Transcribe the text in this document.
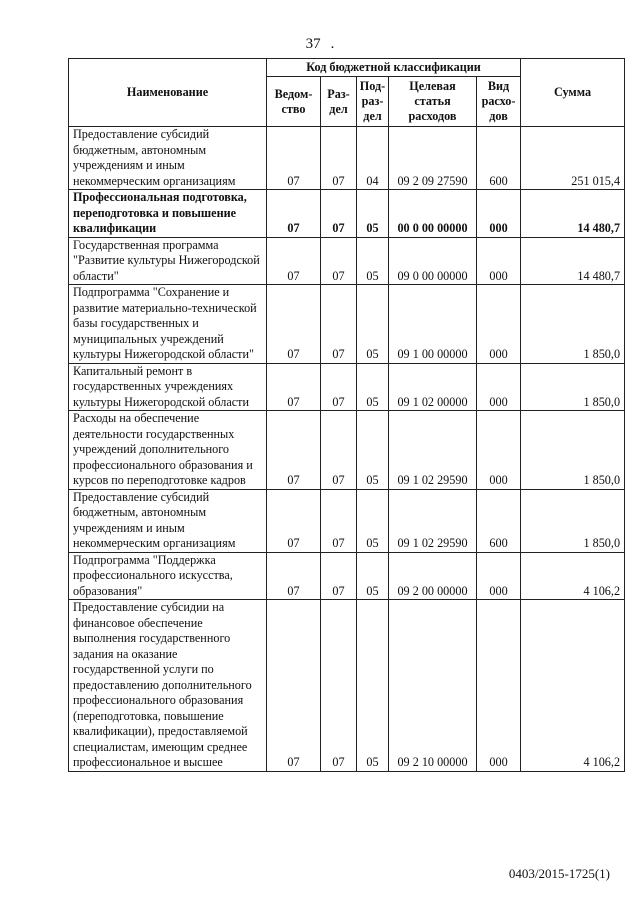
37 .
Наименование	Код бюджетной классификации					Сумма
	Ведом-ство	Раз-дел	Под-раз-дел	Целевая статья расходов	Вид расхо-дов	
Предоставление субсидий бюджетным, автономным учреждениям и иным некоммерческим организациям	07	07	04	09 2 09 27590	600	251 015,4
Профессиональная подготовка, переподготовка и повышение квалификации	07	07	05	00 0 00 00000	000	14 480,7
Государственная программа "Развитие культуры Нижегородской области"	07	07	05	09 0 00 00000	000	14 480,7
Подпрограмма "Сохранение и развитие материально-технической базы государственных и муниципальных учреждений культуры Нижегородской области"	07	07	05	09 1 00 00000	000	1 850,0
Капитальный ремонт в государственных учреждениях культуры Нижегородской области	07	07	05	09 1 02 00000	000	1 850,0
Расходы на обеспечение деятельности государственных учреждений дополнительного профессионального образования и курсов по переподготовке кадров	07	07	05	09 1 02 29590	000	1 850,0
Предоставление субсидий бюджетным, автономным учреждениям и иным некоммерческим организациям	07	07	05	09 1 02 29590	600	1 850,0
Подпрограмма "Поддержка профессионального искусства, образования"	07	07	05	09 2 00 00000	000	4 106,2
Предоставление субсидии на финансовое обеспечение выполнения государственного задания на оказание государственной услуги по предоставлению дополнительного профессионального образования (переподготовка, повышение квалификации), предоставляемой специалистам, имеющим среднее профессиональное и высшее	07	07	05	09 2 10 00000	000	4 106,2
0403/2015-1725(1)
